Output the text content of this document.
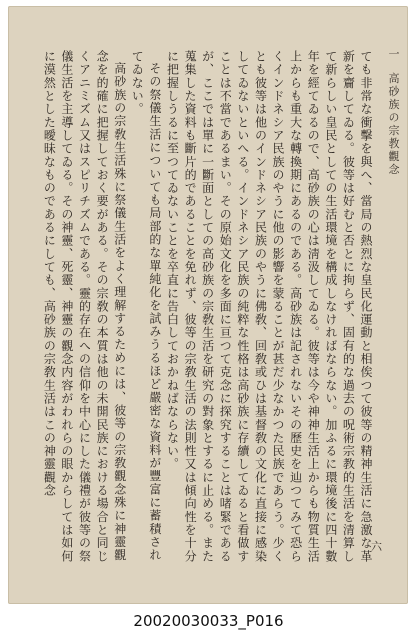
一 高砂族の宗教觀念

ても非常な衝擊を與へ、當局の熱烈な皇民化運動と相俟つて彼等の精神生活に急激な革新を齎してゐる。彼等は好むと否とに拘らず、固有的な過去の呪術宗教的生活を清算して新らしい皇民としての生活環境を構成しなければならない。加ふるに環境後に四十數年を經てゐるので、高砂族の心は淸汲してゐる。彼等は今や神神生活上からも物質生活上からも重大な轉換期にあるのである。高砂族は記されないその歷史を辿つてみて恐らくインドネシア民族のやうに他の影響を蒙ることが甚だ少なかつた民族であらう。少くとも彼等は他のインドネシア民族のやうに佛敎、回敎或ひは基督敎の文化に直接に感染してゐないといへる。インドネシア民族の純粹な性格は高砂族に存續してゐると看做すことは不當であるまい。その原始文化を多面に亘つて克念に探究することは啫緊であるが、ここでは單に一斷面としての高砂族の宗敎生活を研究の對象とするに止める。また蒐集した資料も斷片的であることを免れず、彼等の宗敎生活の法則性又は傾向性を十分に把握しうるに至つてゐないことを卒直に告白しておかねばならない。

その祭儀生活についても局部的な單純化を試みうるほど嚴密な資料が豐富に蓄積されてゐない。

高砂族の宗敎生活殊に祭儀生活をよく理解するためには、彼等の宗敎觀念殊に神靈觀念を的確に把握しておく要がある。その宗敎の本質は他の未開民族における場合と同じくアニミズム又はスピリチズムである。靈的存在への信仰を中心にした儀禮が彼等の祭儀生活を主導してゐる。その神靈、死靈、神靈の觀念内容がわれらの眼からしては如何に漠然とした曖昧なものであるにしても、高砂族の宗敎生活はこの神靈觀念

六
20020030033_P016
